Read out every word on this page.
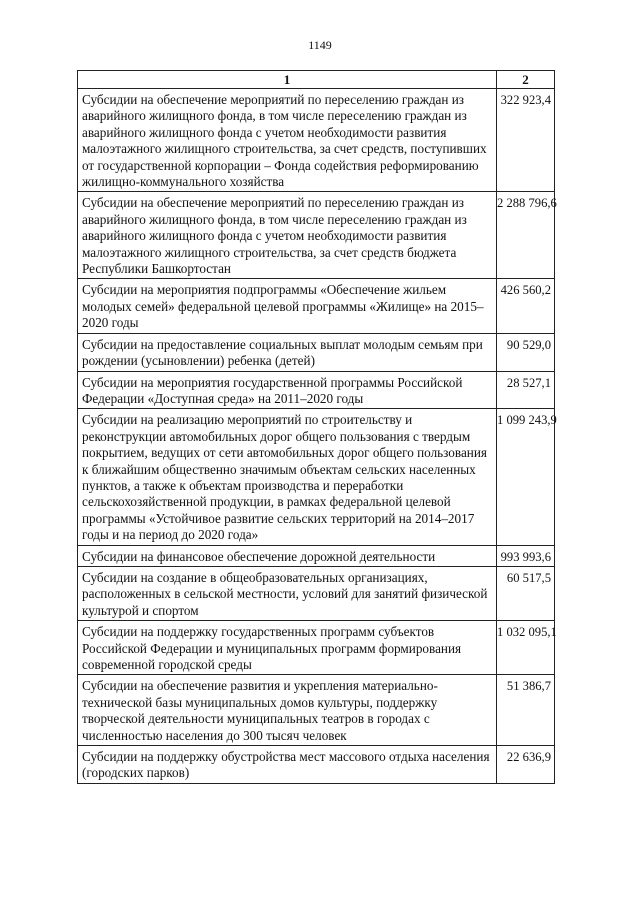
1149
1	2
Субсидии на обеспечение мероприятий по переселению граждан из аварийного жилищного фонда, в том числе переселению граждан из аварийного жилищного фонда с учетом необходимости развития малоэтажного жилищного строительства, за счет средств, поступивших от государственной корпорации – Фонда содействия реформированию жилищно-коммунального хозяйства	322 923,4
Субсидии на обеспечение мероприятий по переселению граждан из аварийного жилищного фонда, в том числе переселению граждан из аварийного жилищного фонда с учетом необходимости развития малоэтажного жилищного строительства, за счет средств бюджета Республики Башкортостан	2 288 796,6
Субсидии на мероприятия подпрограммы «Обеспечение жильем молодых семей» федеральной целевой программы «Жилище» на 2015–2020 годы	426 560,2
Субсидии на предоставление социальных выплат молодым семьям при рождении (усыновлении) ребенка (детей)	90 529,0
Субсидии на мероприятия государственной программы Российской Федерации «Доступная среда» на 2011–2020 годы	28 527,1
Субсидии на реализацию мероприятий по строительству и реконструкции автомобильных дорог общего пользования с твердым покрытием, ведущих от сети автомобильных дорог общего пользования к ближайшим общественно значимым объектам сельских населенных пунктов, а также к объектам производства и переработки сельскохозяйственной продукции, в рамках федеральной целевой программы «Устойчивое развитие сельских территорий на 2014–2017 годы и на период до 2020 года»	1 099 243,9
Субсидии на финансовое обеспечение дорожной деятельности	993 993,6
Субсидии на создание в общеобразовательных организациях, расположенных в сельской местности, условий для занятий физической культурой и спортом	60 517,5
Субсидии на поддержку государственных программ субъектов Российской Федерации и муниципальных программ формирования современной городской среды	1 032 095,1
Субсидии на обеспечение развития и укрепления материально-технической базы муниципальных домов культуры, поддержку творческой деятельности муниципальных театров в городах с численностью населения до 300 тысяч человек	51 386,7
Субсидии на поддержку обустройства мест массового отдыха населения (городских парков)	22 636,9
